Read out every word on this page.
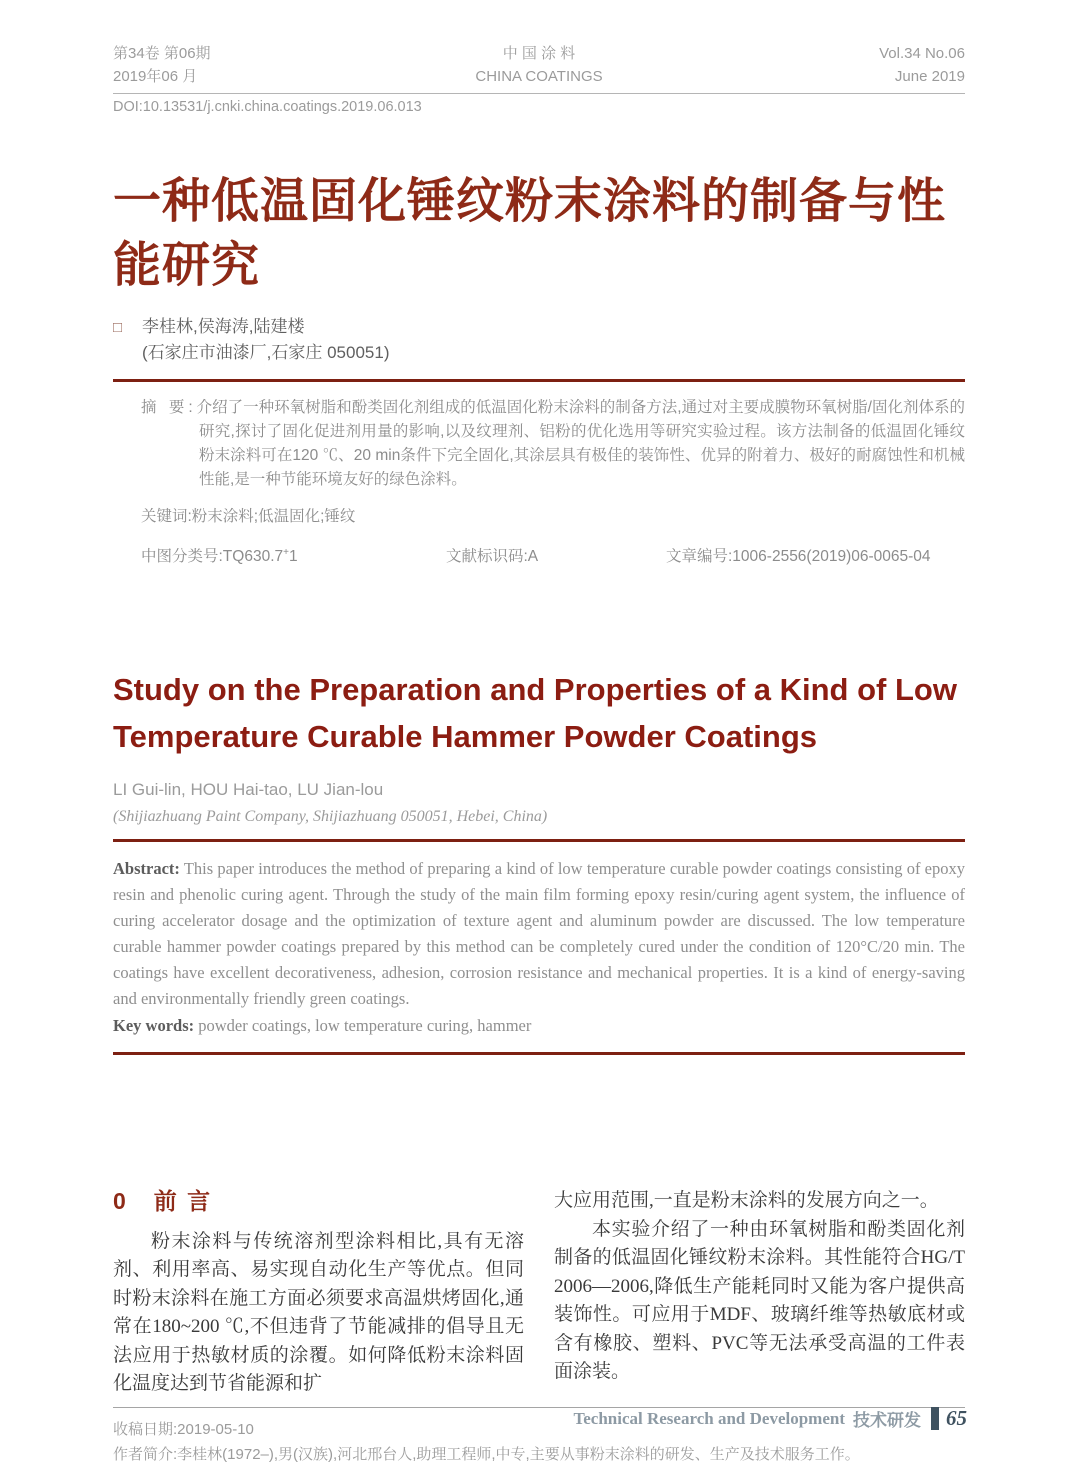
第34卷 第06期
2019年06 月
中 国 涂 料
CHINA COATINGS
Vol.34 No.06
June 2019
DOI:10.13531/j.cnki.china.coatings.2019.06.013
一种低温固化锤纹粉末涂料的制备与性能研究
□ 李桂林,侯海涛,陆建楼
(石家庄市油漆厂,石家庄 050051)

摘 要:介绍了一种环氧树脂和酚类固化剂组成的低温固化粉末涂料的制备方法,通过对主要成膜物环氧树脂/固化剂体系的研究,探讨了固化促进剂用量的影响,以及纹理剂、铝粉的优化选用等研究实验过程。该方法制备的低温固化锤纹粉末涂料可在120 ℃、20 min条件下完全固化,其涂层具有极佳的装饰性、优异的附着力、极好的耐腐蚀性和机械性能,是一种节能环境友好的绿色涂料。

关键词:粉末涂料;低温固化;锤纹
中图分类号:TQ630.7+1	文献标识码:A	文章编号:1006-2556(2019)06-0065-04
Study on the Preparation and Properties of a Kind of Low Temperature Curable Hammer Powder Coatings
LI Gui-lin, HOU Hai-tao, LU Jian-lou
(Shijiazhuang Paint Company, Shijiazhuang 050051, Hebei, China)

Abstract: This paper introduces the method of preparing a kind of low temperature curable powder coatings consisting of epoxy resin and phenolic curing agent. Through the study of the main film forming epoxy resin/curing agent system, the influence of curing accelerator dosage and the optimization of texture agent and aluminum powder are discussed. The low temperature curable hammer powder coatings prepared by this method can be completely cured under the condition of 120°C/20 min. The coatings have excellent decorativeness, adhesion, corrosion resistance and mechanical properties. It is a kind of energy-saving and environmentally friendly green coatings.

Key words: powder coatings, low temperature curing, hammer

0 前 言

粉末涂料与传统溶剂型涂料相比,具有无溶剂、利用率高、易实现自动化生产等优点。但同时粉末涂料在施工方面必须要求高温烘烤固化,通常在180~200 ℃,不但违背了节能减排的倡导且无法应用于热敏材质的涂覆。如何降低粉末涂料固化温度达到节省能源和扩

大应用范围,一直是粉末涂料的发展方向之一。

本实验介绍了一种由环氧树脂和酚类固化剂制备的低温固化锤纹粉末涂料。其性能符合HG/T 2006—2006,降低生产能耗同时又能为客户提供高装饰性。可应用于MDF、玻璃纤维等热敏底材或含有橡胶、塑料、PVC等无法承受高温的工件表面涂装。

收稿日期:2019-05-10
作者简介:李桂林(1972–),男(汉族),河北邢台人,助理工程师,中专,主要从事粉末涂料的研发、生产及技术服务工作。
Technical Research and Development 技术研发 65
